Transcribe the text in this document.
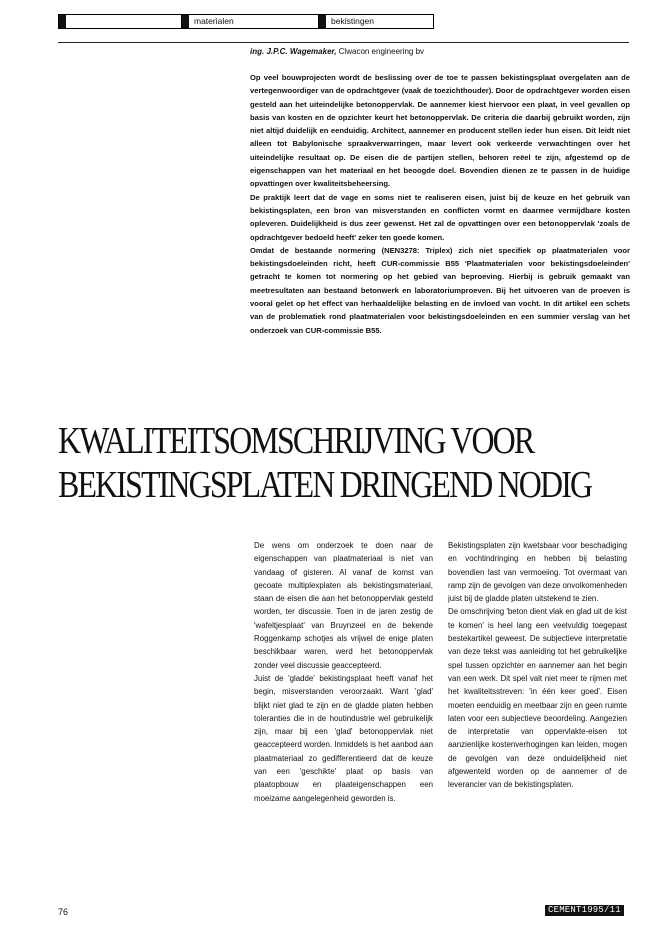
materialen	bekistingen
ing. J.P.C. Wagemaker, Clwacon engineering bv

Op veel bouwprojecten wordt de beslissing over de toe te passen bekistingsplaat overgelaten aan de vertegenwoordiger van de opdrachtgever (vaak de toezichthouder). Door de opdrachtgever worden eisen gesteld aan het uiteindelijke betonoppervlak. De aannemer kiest hiervoor een plaat, in veel gevallen op basis van kosten en de opzichter keurt het betonoppervlak. De criteria die daarbij gebruikt worden, zijn niet altijd duidelijk en eenduidig. Architect, aannemer en producent stellen ieder hun eisen. Dit leidt niet alleen tot Babylonische spraakverwarringen, maar levert ook verkeerde verwachtingen over het uiteindelijke resultaat op. De eisen die de partijen stellen, behoren reëel te zijn, afgestemd op de eigenschappen van het materiaal en het beoogde doel. Bovendien dienen ze te passen in de huidige opvattingen over kwaliteitsbeheersing.

De praktijk leert dat de vage en soms niet te realiseren eisen, juist bij de keuze en het gebruik van bekistingsplaten, een bron van misverstanden en conflicten vormt en daarmee vermijdbare kosten opleveren. Duidelijkheid is dus zeer gewenst. Het zal de opvattingen over een betonoppervlak 'zoals de opdrachtgever bedoeld heeft' zeker ten goede komen.

Omdat de bestaande normering (NEN3278: Triplex) zich niet specifiek op plaatmaterialen voor bekistingsdoeleinden richt, heeft CUR-commissie B55 'Plaatmaterialen voor bekistingsdoeleinden' getracht te komen tot normering op het gebied van beproeving. Hierbij is gebruik gemaakt van meetresultaten aan bestaand betonwerk en laboratoriumproeven. Bij het uitvoeren van de proeven is vooral gelet op het effect van herhaaldelijke belasting en de invloed van vocht. In dit artikel een schets van de problematiek rond plaatmaterialen voor bekistingsdoeleinden en een summier verslag van het onderzoek van CUR-commissie B55.

KWALITEITSOMSCHRIJVING VOOR
BEKISTINGSPLATEN DRINGEND NODIG

De wens om onderzoek te doen naar de eigenschappen van plaatmateriaal is niet van vandaag of gisteren. Al vanaf de komst van gecoate multiplexplaten als bekistingsmateriaal, staan de eisen die aan het betonoppervlak gesteld worden, ter discussie. Toen in de jaren zestig de 'wafeltjesplaat' van Bruynzeel en de bekende Roggenkamp schotjes als vrijwel de enige platen beschikbaar waren, werd het betonoppervlak zonder veel discussie geaccepteerd.

Juist de 'gladde' bekistingsplaat heeft vanaf het begin, misverstanden veroorzaakt. Want 'glad' blijkt niet glad te zijn en de gladde platen hebben toleranties die in de houtindustrie wel gebruikelijk zijn, maar bij een 'glad' betonoppervlak niet geaccepteerd worden. Inmiddels is het aanbod aan plaatmateriaal zo gedifferentieerd dat de keuze van een 'geschikte' plaat op basis van plaatopbouw en plaateigenschappen een moeizame aangelegenheid geworden is.

Bekistingsplaten zijn kwetsbaar voor beschadiging en vochtindringing en hebben bij belasting bovendien last van vermoeiing. Tot overmaat van ramp zijn de gevolgen van deze onvolkomenheden juist bij de gladde platen uitstekend te zien.

De omschrijving 'beton dient vlak en glad uit de kist te komen' is heel lang een veelvuldig toegepast bestekartikel geweest. De subjectieve interpretatie van deze tekst was aanleiding tot het gebruikelijke spel tussen opzichter en aannemer aan het begin van een werk. Dit spel valt niet meer te rijmen met het kwaliteitsstreven: 'in één keer goed'. Eisen moeten eenduidig en meetbaar zijn en geen ruimte laten voor een subjectieve beoordeling. Aangezien de interpretatie van oppervlakte-eisen tot aanzienlijke kostenverhogingen kan leiden, mogen de gevolgen van deze onduidelijkheid niet afgewenteld worden op de aannemer of de leverancier van de bekistingsplaten.

76	CEMENT1995/11
